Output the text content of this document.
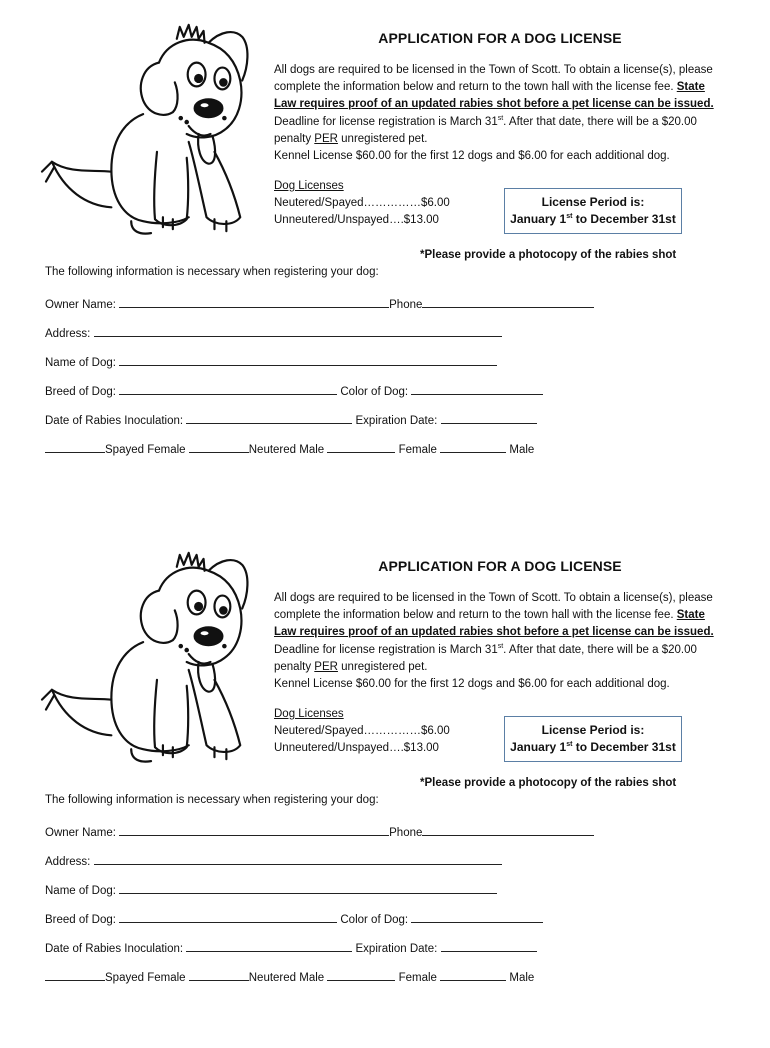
APPLICATION FOR A DOG LICENSE

All dogs are required to be licensed in the Town of Scott. To obtain a license(s), please complete the information below and return to the town hall with the license fee. State Law requires proof of an updated rabies shot before a pet license can be issued. Deadline for license registration is March 31st. After that date, there will be a $20.00 penalty PER unregistered pet.

Kennel License $60.00 for the first 12 dogs and $6.00 for each additional dog.

Dog Licenses
Neutered/Spayed……………$6.00
Unneutered/Unspayed….$13.00
License Period is:
January 1st to December 31st
*Please provide a photocopy of the rabies shot
The following information is necessary when registering your dog:
Owner Name:	Phone
Address:
Name of Dog:
Breed of Dog:	Color of Dog:
Date of Rabies Inoculation:	Expiration Date:
Spayed Female	Neutered Male	Female	Male
APPLICATION FOR A DOG LICENSE

All dogs are required to be licensed in the Town of Scott. To obtain a license(s), please complete the information below and return to the town hall with the license fee. State Law requires proof of an updated rabies shot before a pet license can be issued. Deadline for license registration is March 31st. After that date, there will be a $20.00 penalty PER unregistered pet.

Kennel License $60.00 for the first 12 dogs and $6.00 for each additional dog.

Dog Licenses
Neutered/Spayed……………$6.00
Unneutered/Unspayed….$13.00
License Period is:
January 1st to December 31st
*Please provide a photocopy of the rabies shot
The following information is necessary when registering your dog:
Owner Name:	Phone
Address:
Name of Dog:
Breed of Dog:	Color of Dog:
Date of Rabies Inoculation:	Expiration Date:
Spayed Female	Neutered Male	Female	Male
